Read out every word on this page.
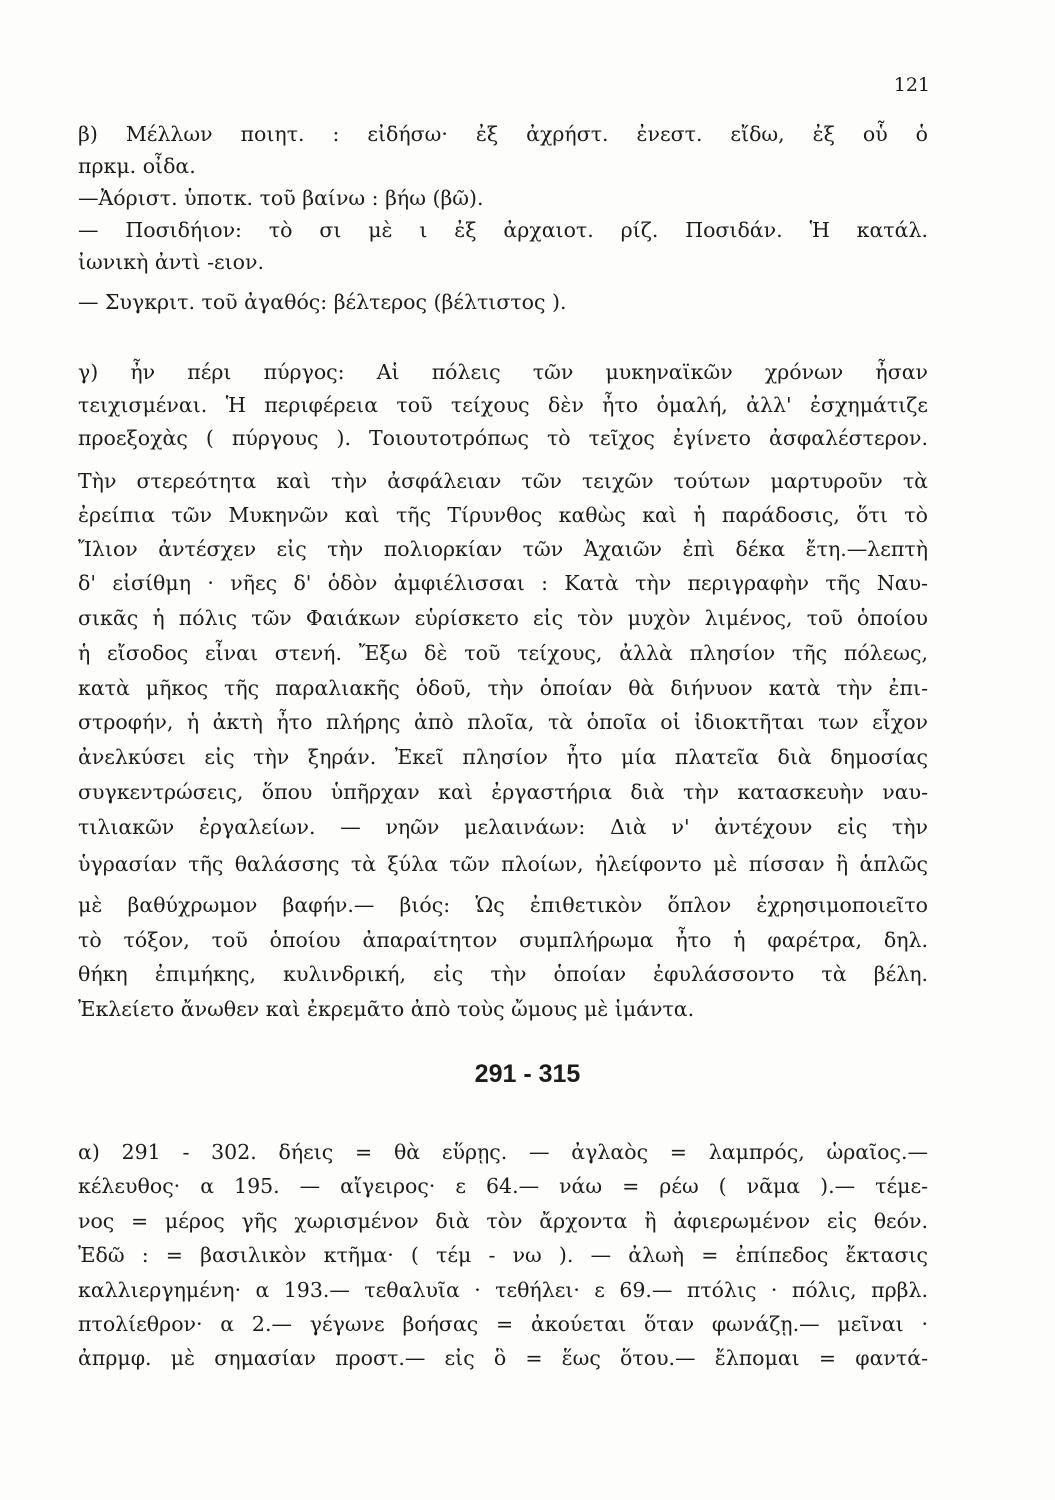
121
β) Μέλλων ποιητ. : εἰδήσω· ἐξ ἀχρήστ. ἐνεστ. εἴδω, ἐξ οὗ ὁ
πρκμ. οἶδα.
—Ἀόριστ. ὑποτκ. τοῦ βαίνω : βήω (βῶ).
— Ποσιδήιον: τὸ σι μὲ ι ἐξ ἀρχαιοτ. ρίζ. Ποσιδάν. Ἡ κατάλ.
ἰωνικὴ ἀντὶ -ειον.
— Συγκριτ. τοῦ ἀγαθός: βέλτερος (βέλτιστος ).
γ) ἦν πέρι πύργος: Αἱ πόλεις τῶν μυκηναϊκῶν χρόνων ἦσαν
τειχισμέναι. Ἡ περιφέρεια τοῦ τείχους δὲν ἦτο ὁμαλή, ἀλλ' ἐσχημάτιζε
προεξοχὰς ( πύργους ). Τοιουτοτρόπως τὸ τεῖχος ἐγίνετο ἀσφαλέστερον.
Τὴν στερεότητα καὶ τὴν ἀσφάλειαν τῶν τειχῶν τούτων μαρτυροῦν τὰ
ἐρείπια τῶν Μυκηνῶν καὶ τῆς Τίρυνθος καθὼς καὶ ἡ παράδοσις, ὅτι τὸ
Ἴλιον ἀντέσχεν εἰς τὴν πολιορκίαν τῶν Ἀχαιῶν ἐπὶ δέκα ἔτη.—λεπτὴ
δ' εἰσίθμη · νῆες δ' ὁδὸν ἀμφιέλισσαι : Κατὰ τὴν περιγραφὴν τῆς Ναυ-
σικᾶς ἡ πόλις τῶν Φαιάκων εὑρίσκετο εἰς τὸν μυχὸν λιμένος, τοῦ ὁποίου
ἡ εἴσοδος εἶναι στενή. Ἔξω δὲ τοῦ τείχους, ἀλλὰ πλησίον τῆς πόλεως,
κατὰ μῆκος τῆς παραλιακῆς ὁδοῦ, τὴν ὁποίαν θὰ διήνυον κατὰ τὴν ἐπι-
στροφήν, ἡ ἀκτὴ ἦτο πλήρης ἀπὸ πλοῖα, τὰ ὁποῖα οἱ ἰδιοκτῆται των εἶχον
ἀνελκύσει εἰς τὴν ξηράν. Ἐκεῖ πλησίον ἦτο μία πλατεῖα διὰ δημοσίας
συγκεντρώσεις, ὅπου ὑπῆρχαν καὶ ἐργαστήρια διὰ τὴν κατασκευὴν ναυ-
τιλιακῶν ἐργαλείων. — νηῶν μελαινάων: Διὰ ν' ἀντέχουν εἰς τὴν
ὑγρασίαν τῆς θαλάσσης τὰ ξύλα τῶν πλοίων, ἠλείφοντο μὲ πίσσαν ἢ ἁπλῶς
μὲ βαθύχρωμον βαφήν.— βιός: Ὡς ἐπιθετικὸν ὅπλον ἐχρησιμοποιεῖτο
τὸ τόξον, τοῦ ὁποίου ἀπαραίτητον συμπλήρωμα ἦτο ἡ φαρέτρα, δηλ.
θήκη ἐπιμήκης, κυλινδρική, εἰς τὴν ὁποίαν ἐφυλάσσοντο τὰ βέλη.
Ἐκλείετο ἄνωθεν καὶ ἐκρεμᾶτο ἀπὸ τοὺς ὤμους μὲ ἱμάντα.
291 - 315
α) 291 - 302. δήεις = θὰ εὕρῃς. — ἀγλαὸς = λαμπρός, ὡραῖος.—
κέλευθος· α 195. — αἴγειρος· ε 64.— νάω = ρέω ( νᾶμα ).— τέμε-
νος = μέρος γῆς χωρισμένον διὰ τὸν ἄρχοντα ἢ ἀφιερωμένον εἰς θεόν.
Ἐδῶ : = βασιλικὸν κτῆμα· ( τέμ - νω ). — ἀλωὴ = ἐπίπεδος ἔκτασις
καλλιεργημένη· α 193.— τεθαλυῖα · τεθήλει· ε 69.— πτόλις · πόλις, πρβλ.
πτολίεθρον· α 2.— γέγωνε βοήσας = ἀκούεται ὅταν φωνάζῃ.— μεῖναι ·
ἀπρμφ. μὲ σημασίαν προστ.— εἰς ὃ = ἕως ὅτου.— ἔλπομαι = φαντά-
